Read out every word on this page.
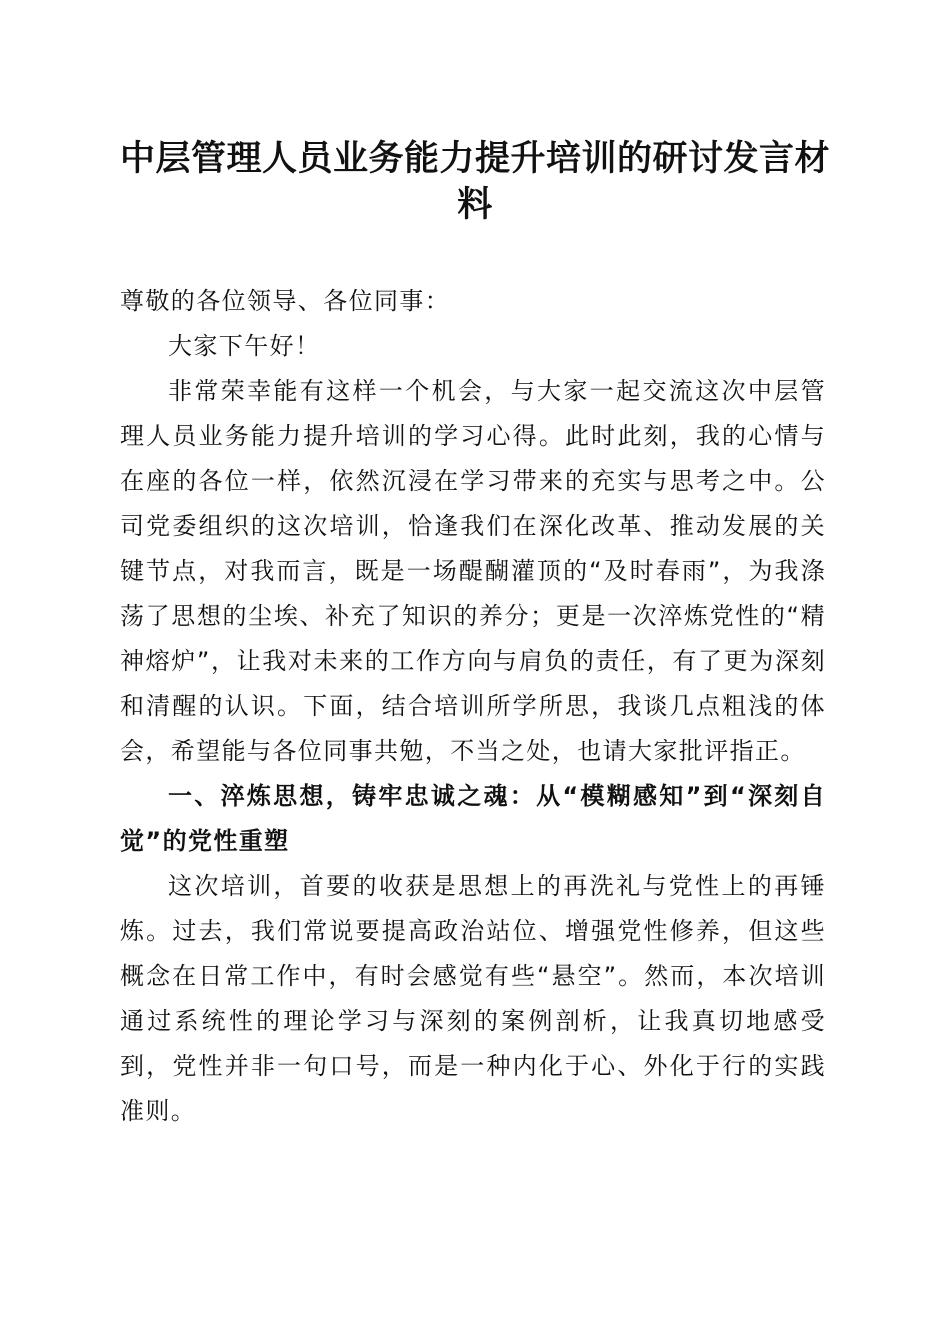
中层管理人员业务能力提升培训的研讨发言材料

尊敬的各位领导、各位同事：

大家下午好！

非常荣幸能有这样一个机会，与大家一起交流这次中层管理人员业务能力提升培训的学习心得。此时此刻，我的心情与在座的各位一样，依然沉浸在学习带来的充实与思考之中。公司党委组织的这次培训，恰逢我们在深化改革、推动发展的关键节点，对我而言，既是一场醍醐灌顶的“及时春雨”，为我涤荡了思想的尘埃、补充了知识的养分；更是一次淬炼党性的“精神熔炉”，让我对未来的工作方向与肩负的责任，有了更为深刻和清醒的认识。下面，结合培训所学所思，我谈几点粗浅的体会，希望能与各位同事共勉，不当之处，也请大家批评指正。

一、淬炼思想，铸牢忠诚之魂：从“模糊感知”到“深刻自觉”的党性重塑

这次培训，首要的收获是思想上的再洗礼与党性上的再锤炼。过去，我们常说要提高政治站位、增强党性修养，但这些概念在日常工作中，有时会感觉有些“悬空”。然而，本次培训通过系统性的理论学习与深刻的案例剖析，让我真切地感受到，党性并非一句口号，而是一种内化于心、外化于行的实践准则。
